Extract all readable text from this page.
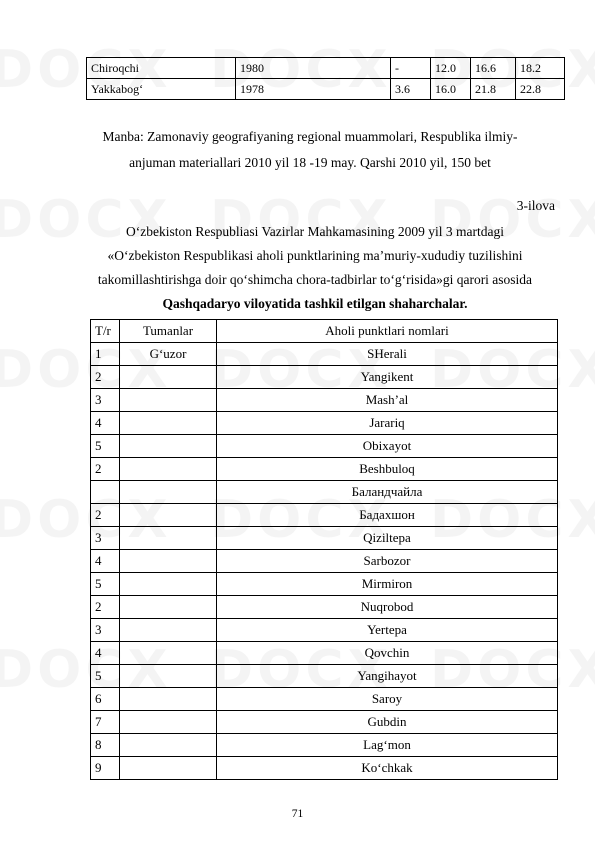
Chiroqchi	1980	-	12.0	16.6	18.2
Yakkabog‘	1978	3.6	16.0	21.8	22.8
Manba: Zamonaviy geografiyaning regional muammolari, Respublika ilmiy-
anjuman materiallari 2010 yil 18 -19 may. Qarshi 2010 yil, 150 bet
3-ilova
O‘zbekiston Respubliasi Vazirlar Mahkamasining 2009 yil 3 martdagi
«O‘zbekiston Respublikasi aholi punktlarining ma’muriy-xududiy tuzilishini
takomillashtirishga doir qo‘shimcha chora-tadbirlar to‘g‘risida»gi qarori asosida
Qashqadaryo viloyatida tashkil etilgan shaharchalar.
T/r	Tumanlar	Aholi punktlari nomlari
1	G‘uzor	SHerali
2		Yangikent
3		Mash’al
4		Jarariq
5		Obixayot
2		Beshbuloq
		Баландчайла
2		Бадахшон
3		Qiziltepa
4		Sarbozor
5		Mirmiron
2		Nuqrobod
3		Yertepa
4		Qovchin
5		Yangihayot
6		Saroy
7		Gubdin
8		Lag‘mon
9		Ko‘chkak
71
